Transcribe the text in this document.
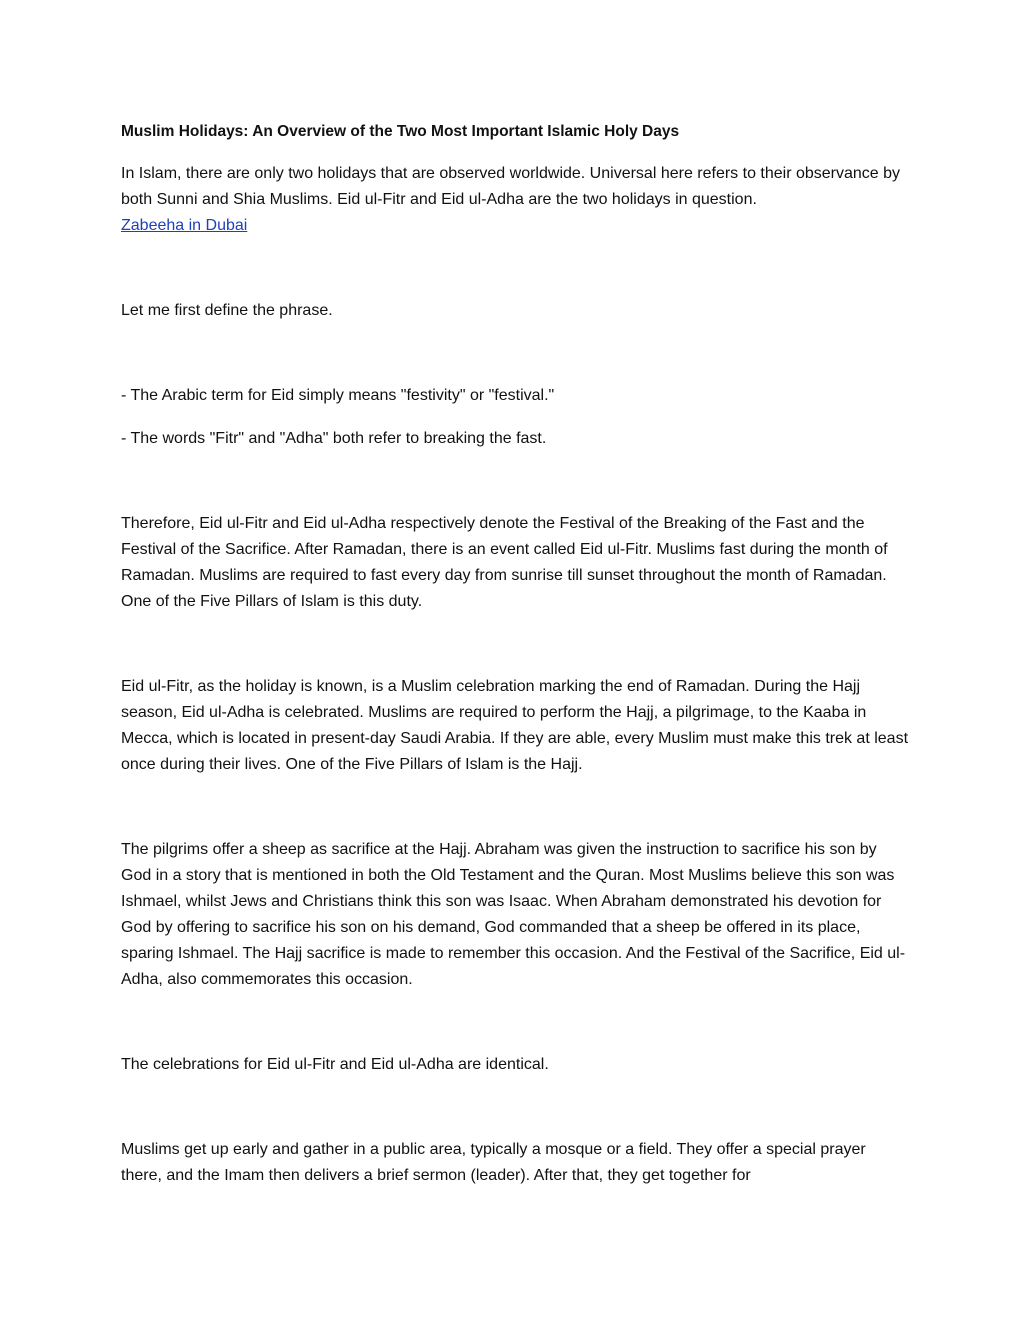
Muslim Holidays: An Overview of the Two Most Important Islamic Holy Days

In Islam, there are only two holidays that are observed worldwide. Universal here refers to their observance by both Sunni and Shia Muslims. Eid ul-Fitr and Eid ul-Adha are the two holidays in question.
Zabeeha in Dubai

Let me first define the phrase.

- The Arabic term for Eid simply means "festivity" or "festival."

- The words "Fitr" and "Adha" both refer to breaking the fast.

Therefore, Eid ul-Fitr and Eid ul-Adha respectively denote the Festival of the Breaking of the Fast and the Festival of the Sacrifice. After Ramadan, there is an event called Eid ul-Fitr. Muslims fast during the month of Ramadan. Muslims are required to fast every day from sunrise till sunset throughout the month of Ramadan. One of the Five Pillars of Islam is this duty.

Eid ul-Fitr, as the holiday is known, is a Muslim celebration marking the end of Ramadan. During the Hajj season, Eid ul-Adha is celebrated. Muslims are required to perform the Hajj, a pilgrimage, to the Kaaba in Mecca, which is located in present-day Saudi Arabia. If they are able, every Muslim must make this trek at least once during their lives. One of the Five Pillars of Islam is the Hajj.

The pilgrims offer a sheep as sacrifice at the Hajj. Abraham was given the instruction to sacrifice his son by God in a story that is mentioned in both the Old Testament and the Quran. Most Muslims believe this son was Ishmael, whilst Jews and Christians think this son was Isaac. When Abraham demonstrated his devotion for God by offering to sacrifice his son on his demand, God commanded that a sheep be offered in its place, sparing Ishmael. The Hajj sacrifice is made to remember this occasion. And the Festival of the Sacrifice, Eid ul-Adha, also commemorates this occasion.

The celebrations for Eid ul-Fitr and Eid ul-Adha are identical.

Muslims get up early and gather in a public area, typically a mosque or a field. They offer a special prayer there, and the Imam then delivers a brief sermon (leader). After that, they get together for
